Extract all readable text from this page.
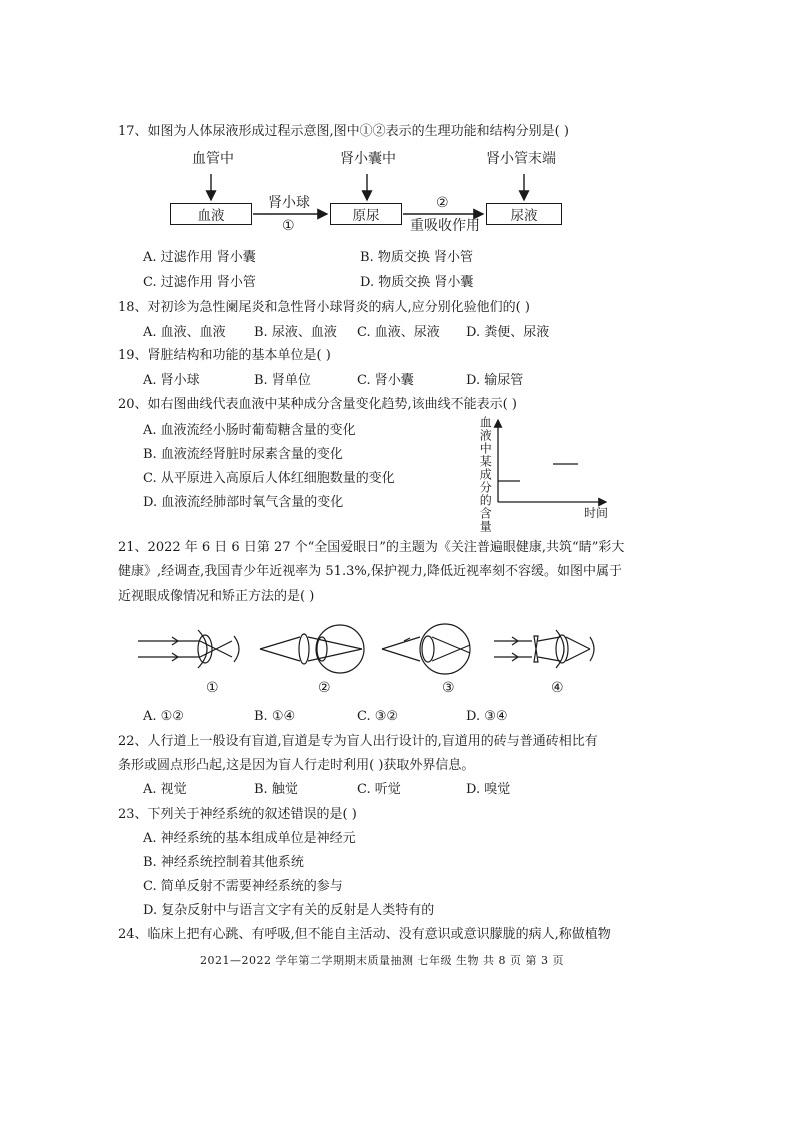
17、如图为人体尿液形成过程示意图,图中①②表示的生理功能和结构分别是( )
血管中	肾小囊中	肾小管末端
血液	原尿	尿液
肾小球
①
②
重吸收作用
A. 过滤作用 肾小囊	B. 物质交换 肾小管
C. 过滤作用 肾小管	D. 物质交换 肾小囊
18、对初诊为急性阑尾炎和急性肾小球肾炎的病人,应分别化验他们的( )
A. 血液、血液 B. 尿液、血液 C. 血液、尿液 D. 粪便、尿液
19、肾脏结构和功能的基本单位是( )
A. 肾小球	B. 肾单位	C. 肾小囊	D. 输尿管
20、如右图曲线代表血液中某种成分含量变化趋势,该曲线不能表示( )
A. 血液流经小肠时葡萄糖含量的变化
B. 血液流经肾脏时尿素含量的变化
C. 从平原进入高原后人体红细胞数量的变化
D. 血液流经肺部时氧气含量的变化	血液中某成分的含量	时间
21、2022 年 6 日 6 日第 27 个“全国爱眼日”的主题为《关注普遍眼健康,共筑“睛”彩大
健康》,经调查,我国青少年近视率为 51.3%,保护视力,降低近视率刻不容缓。如图中属于
近视眼成像情况和矫正方法的是( )
①	②	③	④
A. ①②	B. ①④	C. ③②	D. ③④
22、人行道上一般设有盲道,盲道是专为盲人出行设计的,盲道用的砖与普通砖相比有
条形或圆点形凸起,这是因为盲人行走时利用( )获取外界信息。
A. 视觉	B. 触觉	C. 听觉	D. 嗅觉
23、下列关于神经系统的叙述错误的是( )
A. 神经系统的基本组成单位是神经元
B. 神经系统控制着其他系统
C. 简单反射不需要神经系统的参与
D. 复杂反射中与语言文字有关的反射是人类特有的
24、临床上把有心跳、有呼吸,但不能自主活动、没有意识或意识朦胧的病人,称做植物
2021—2022 学年第二学期期末质量抽测 七年级 生物 共 8 页 第 3 页
